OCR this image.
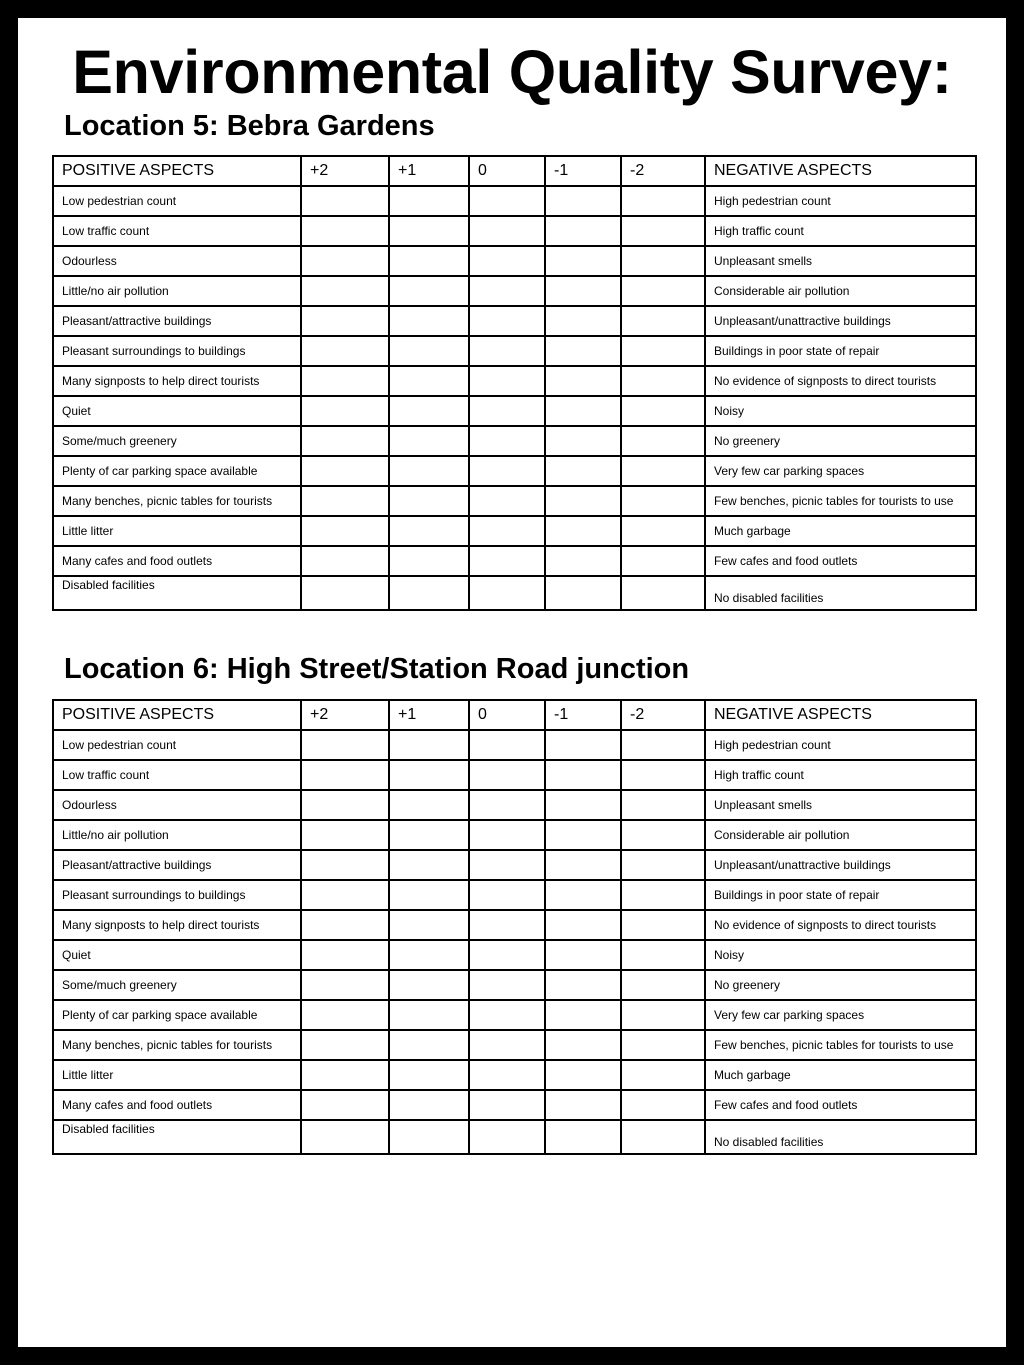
Environmental Quality Survey:
Location 5: Bebra Gardens
POSITIVE ASPECTS	+2	+1	0	-1	-2	NEGATIVE ASPECTS
Low pedestrian count						High pedestrian count
Low traffic count						High traffic count
Odourless						Unpleasant smells
Little/no air pollution						Considerable air pollution
Pleasant/attractive buildings						Unpleasant/unattractive buildings
Pleasant surroundings to buildings						Buildings in poor state of repair
Many signposts to help direct tourists						No evidence of signposts to direct tourists
Quiet						Noisy
Some/much greenery						No greenery
Plenty of car parking space available						Very few car parking spaces
Many benches, picnic tables for tourists						Few benches, picnic tables for tourists to use
Little litter						Much garbage
Many cafes and food outlets						Few cafes and food outlets
Disabled facilities						No disabled facilities
Location 6: High Street/Station Road junction
POSITIVE ASPECTS	+2	+1	0	-1	-2	NEGATIVE ASPECTS
Low pedestrian count						High pedestrian count
Low traffic count						High traffic count
Odourless						Unpleasant smells
Little/no air pollution						Considerable air pollution
Pleasant/attractive buildings						Unpleasant/unattractive buildings
Pleasant surroundings to buildings						Buildings in poor state of repair
Many signposts to help direct tourists						No evidence of signposts to direct tourists
Quiet						Noisy
Some/much greenery						No greenery
Plenty of car parking space available						Very few car parking spaces
Many benches, picnic tables for tourists						Few benches, picnic tables for tourists to use
Little litter						Much garbage
Many cafes and food outlets						Few cafes and food outlets
Disabled facilities						No disabled facilities
